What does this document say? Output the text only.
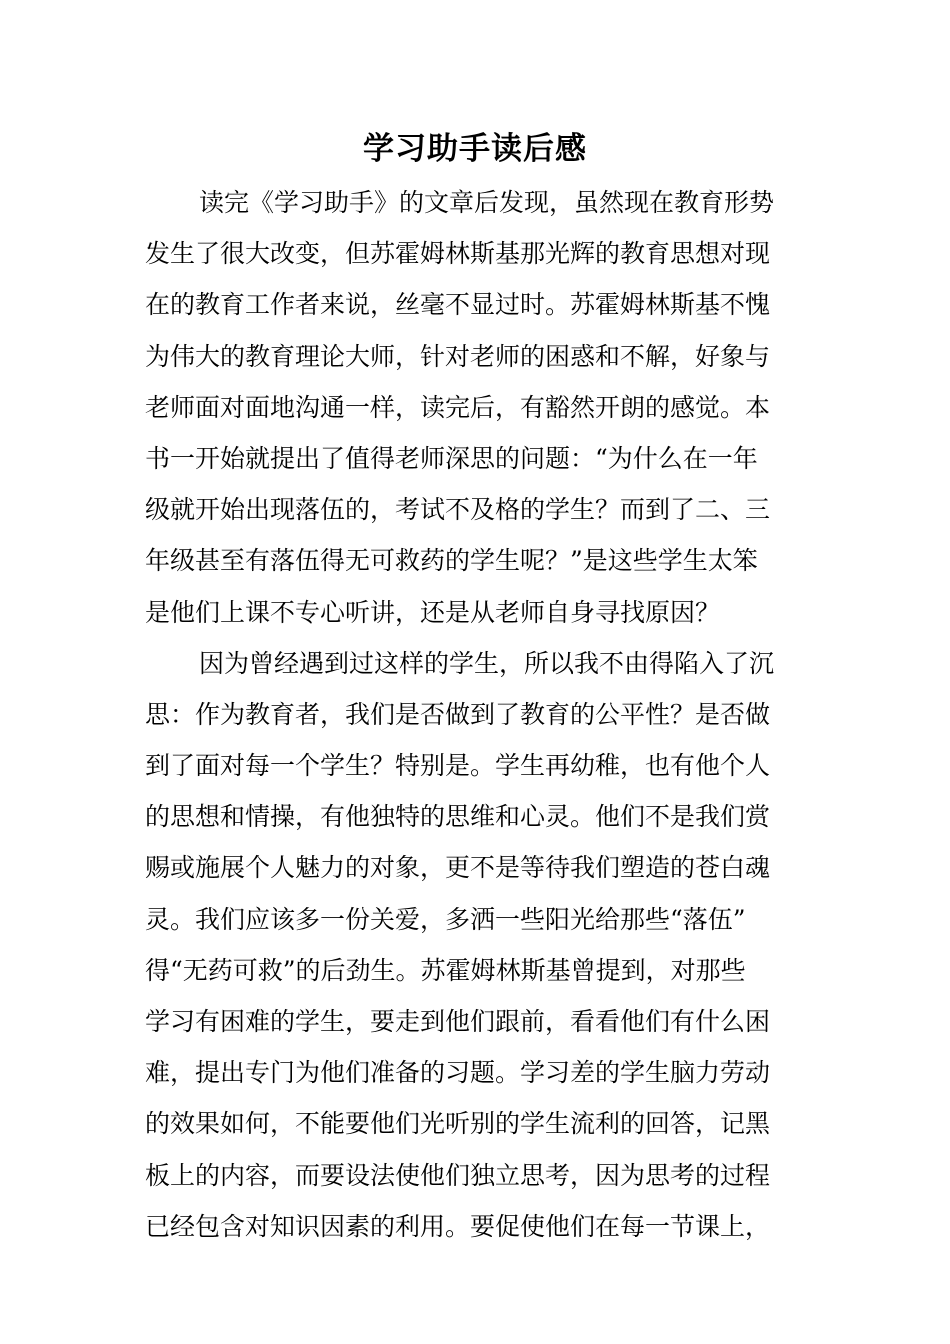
学习助手读后感
读完《学习助手》的文章后发现，虽然现在教育形势
发生了很大改变，但苏霍姆林斯基那光辉的教育思想对现
在的教育工作者来说，丝毫不显过时。苏霍姆林斯基不愧
为伟大的教育理论大师，针对老师的困惑和不解，好象与
老师面对面地沟通一样，读完后，有豁然开朗的感觉。本
书一开始就提出了值得老师深思的问题：“为什么在一年
级就开始出现落伍的，考试不及格的学生？而到了二、三
年级甚至有落伍得无可救药的学生呢？”是这些学生太笨
是他们上课不专心听讲，还是从老师自身寻找原因？
因为曾经遇到过这样的学生，所以我不由得陷入了沉
思：作为教育者，我们是否做到了教育的公平性？是否做
到了面对每一个学生？特别是。学生再幼稚，也有他个人
的思想和情操，有他独特的思维和心灵。他们不是我们赏
赐或施展个人魅力的对象，更不是等待我们塑造的苍白魂
灵。我们应该多一份关爱，多洒一些阳光给那些“落伍”
得“无药可救”的后劲生。苏霍姆林斯基曾提到，对那些
学习有困难的学生，要走到他们跟前，看看他们有什么困
难，提出专门为他们准备的习题。学习差的学生脑力劳动
的效果如何，不能要他们光听别的学生流利的回答，记黑
板上的内容，而要设法使他们独立思考，因为思考的过程
已经包含对知识因素的利用。要促使他们在每一节课上，
